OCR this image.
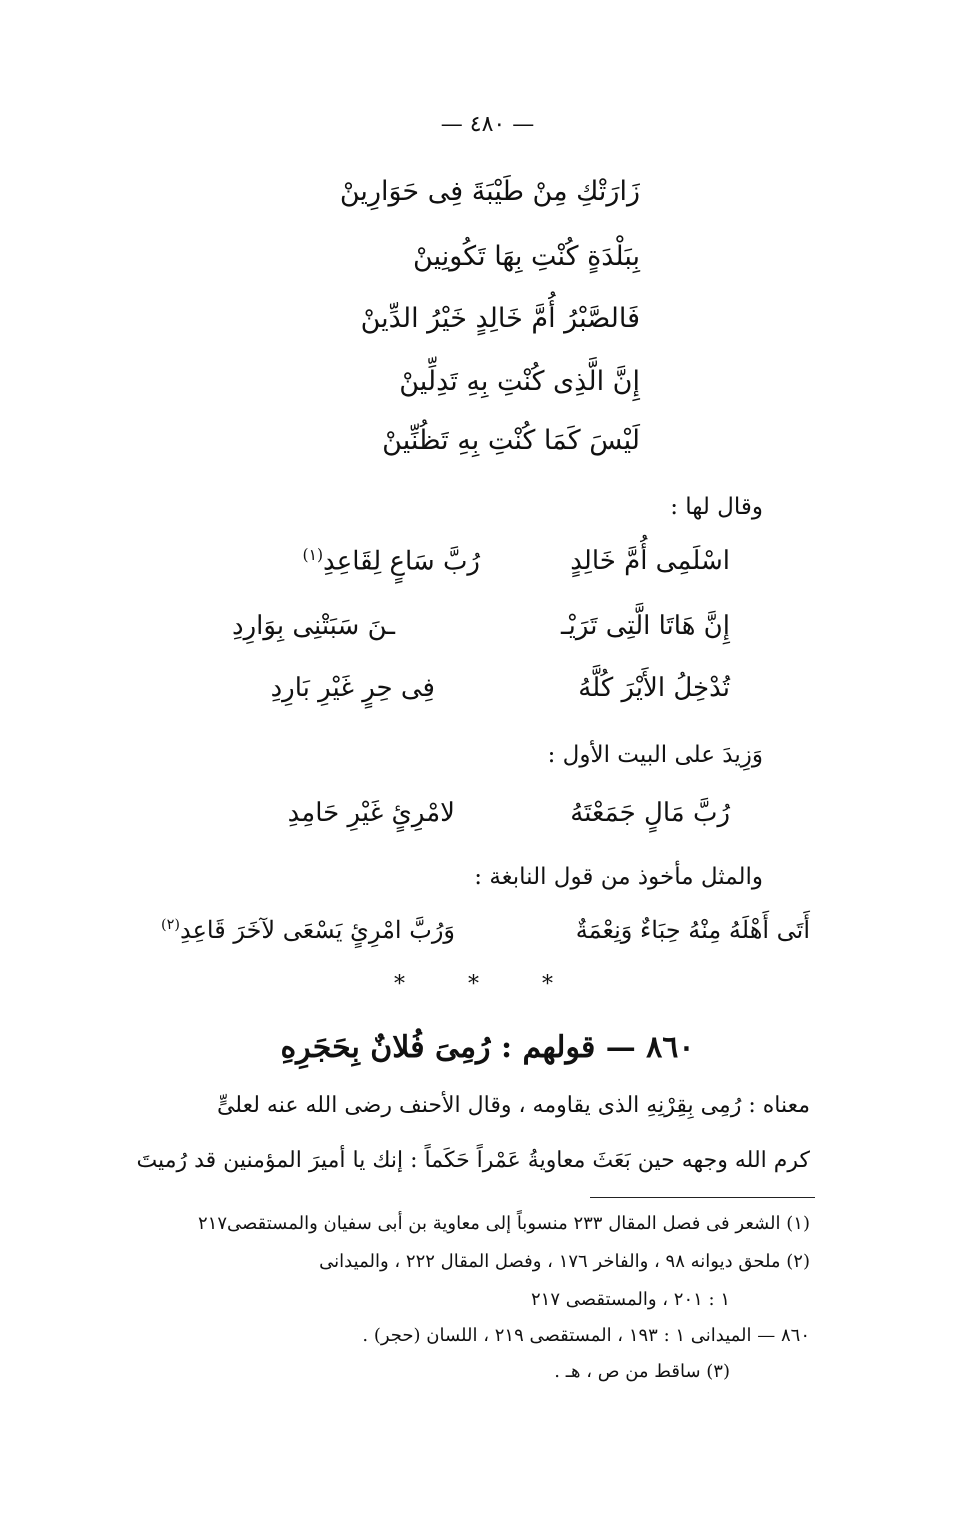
— ٤٨٠ —
زَارَتْكِ مِنْ طَيْبَةَ فِى حَوَارِينْ
بِبَلْدَةٍ كُنْتِ بِهَا تَكُونِينْ
فَالصَّبْرُ أُمَّ خَالِدٍ خَيْرُ الدِّينْ
إِنَّ الَّذِى كُنْتِ بِهِ تَدِلِّينْ
لَيْسَ كَمَا كُنْتِ بِهِ تَظُنِّينْ
وقال لها :
اسْلَمِى أُمَّ خَالِدٍ
رُبَّ سَاعٍ لِقَاعِدِ$^{(١)}$
إِنَّ هَاتَا الَّتِى تَرَيْـ
ـنَ سَبَتْنِى بِوَارِدِ
تُدْخِلُ الأَيْرَ كُلَّهُ
فِى حِرٍ غَيْرِ بَارِدِ
وَزِيدَ على البيت الأول :
رُبَّ مَالٍ جَمَعْتَهُ
لامْرِئٍ غَيْرِ حَامِدِ
والمثل مأخوذ من قول النابغة :
أَتَى أَهْلَهُ مِنْهُ حِبَاءٌ وَنِعْمَةٌ
وَرُبَّ امْرِئٍ يَسْعَى لآخَرَ قَاعِدِ$^{(٢)}$
* * *
٨٦٠ — قولهم : رُمِىَ فُلانٌ بِحَجَرِهِ
معناه : رُمِى بِقِرْنِهِ الذى يقاومه ، وقال الأحنف رضى الله عنه لعلىٍّ
كرم الله وجهه حين بَعَثَ معاويةُ عَمْراً حَكَماً : إنك يا أميرَ المؤمنين قد رُميتَ
(١) الشعر فى فصل المقال ٢٣٣ منسوباً إلى معاوية بن أبى سفيان والمستقصى٢١٧
(٢) ملحق ديوانه ٩٨ ، والفاخر ١٧٦ ، وفصل المقال ٢٢٢ ، والميدانى
١ : ٢٠١ ، والمستقصى ٢١٧
٨٦٠ — الميدانى ١ : ١٩٣ ، المستقصى ٢١٩ ، اللسان (حجر) .
(٣) ساقط من ص ، هـ .
